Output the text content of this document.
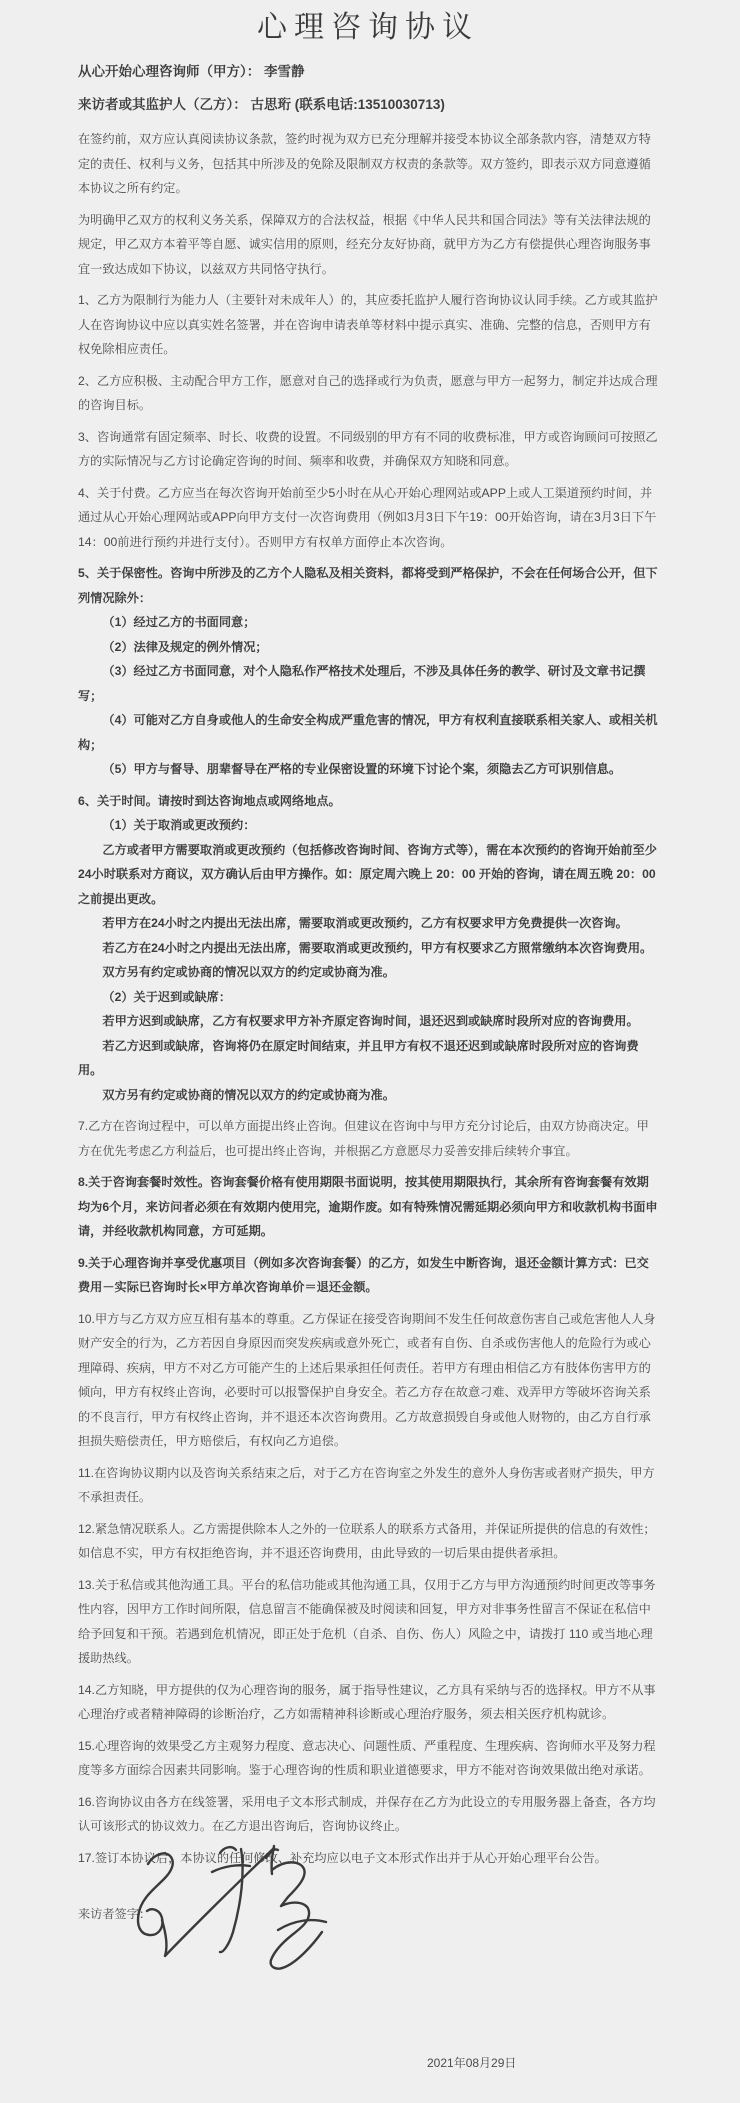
心理咨询协议
从心开始心理咨询师（甲方）： 李雪静
来访者或其监护人（乙方）： 古思珩 (联系电话:13510030713)
在签约前，双方应认真阅读协议条款，签约时视为双方已充分理解并接受本协议全部条款内容，清楚双方特定的责任、权利与义务，包括其中所涉及的免除及限制双方权责的条款等。双方签约，即表示双方同意遵循本协议之所有约定。
为明确甲乙双方的权利义务关系，保障双方的合法权益，根据《中华人民共和国合同法》等有关法律法规的规定，甲乙双方本着平等自愿、诚实信用的原则，经充分友好协商，就甲方为乙方有偿提供心理咨询服务事宜一致达成如下协议，以兹双方共同恪守执行。
1、乙方为限制行为能力人（主要针对未成年人）的，其应委托监护人履行咨询协议认同手续。乙方或其监护人在咨询协议中应以真实姓名签署，并在咨询申请表单等材料中提示真实、准确、完整的信息，否则甲方有权免除相应责任。
2、乙方应积极、主动配合甲方工作，愿意对自己的选择或行为负责，愿意与甲方一起努力，制定并达成合理的咨询目标。
3、咨询通常有固定频率、时长、收费的设置。不同级别的甲方有不同的收费标准，甲方或咨询顾问可按照乙方的实际情况与乙方讨论确定咨询的时间、频率和收费，并确保双方知晓和同意。
4、关于付费。乙方应当在每次咨询开始前至少5小时在从心开始心理网站或APP上或人工渠道预约时间，并通过从心开始心理网站或APP向甲方支付一次咨询费用（例如3月3日下午19：00开始咨询，请在3月3日下午14：00前进行预约并进行支付）。否则甲方有权单方面停止本次咨询。
5、关于保密性。咨询中所涉及的乙方个人隐私及相关资料，都将受到严格保护，不会在任何场合公开，但下列情况除外：
（1）经过乙方的书面同意；
（2）法律及规定的例外情况；
（3）经过乙方书面同意，对个人隐私作严格技术处理后，不涉及具体任务的教学、研讨及文章书记撰写；
（4）可能对乙方自身或他人的生命安全构成严重危害的情况，甲方有权利直接联系相关家人、或相关机构；
（5）甲方与督导、朋辈督导在严格的专业保密设置的环境下讨论个案，须隐去乙方可识别信息。
6、关于时间。请按时到达咨询地点或网络地点。
（1）关于取消或更改预约：
乙方或者甲方需要取消或更改预约（包括修改咨询时间、咨询方式等），需在本次预约的咨询开始前至少24小时联系对方商议，双方确认后由甲方操作。如：原定周六晚上 20：00 开始的咨询，请在周五晚 20：00 之前提出更改。
若甲方在24小时之内提出无法出席，需要取消或更改预约，乙方有权要求甲方免费提供一次咨询。
若乙方在24小时之内提出无法出席，需要取消或更改预约，甲方有权要求乙方照常缴纳本次咨询费用。
双方另有约定或协商的情况以双方的约定或协商为准。
（2）关于迟到或缺席：
若甲方迟到或缺席，乙方有权要求甲方补齐原定咨询时间，退还迟到或缺席时段所对应的咨询费用。
若乙方迟到或缺席，咨询将仍在原定时间结束，并且甲方有权不退还迟到或缺席时段所对应的咨询费用。
双方另有约定或协商的情况以双方的约定或协商为准。
7.乙方在咨询过程中，可以单方面提出终止咨询。但建议在咨询中与甲方充分讨论后，由双方协商决定。甲方在优先考虑乙方利益后，也可提出终止咨询，并根据乙方意愿尽力妥善安排后续转介事宜。
8.关于咨询套餐时效性。咨询套餐价格有使用期限书面说明，按其使用期限执行，其余所有咨询套餐有效期均为6个月，来访问者必须在有效期内使用完，逾期作废。如有特殊情况需延期必须向甲方和收款机构书面申请，并经收款机构同意，方可延期。
9.关于心理咨询并享受优惠项目（例如多次咨询套餐）的乙方，如发生中断咨询，退还金额计算方式：已交费用－实际已咨询时长×甲方单次咨询单价＝退还金额。
10.甲方与乙方双方应互相有基本的尊重。乙方保证在接受咨询期间不发生任何故意伤害自己或危害他人人身财产安全的行为，乙方若因自身原因而突发疾病或意外死亡，或者有自伤、自杀或伤害他人的危险行为或心理障碍、疾病，甲方不对乙方可能产生的上述后果承担任何责任。若甲方有理由相信乙方有肢体伤害甲方的倾向，甲方有权终止咨询，必要时可以报警保护自身安全。若乙方存在故意刁难、戏弄甲方等破坏咨询关系的不良言行，甲方有权终止咨询，并不退还本次咨询费用。乙方故意损毁自身或他人财物的，由乙方自行承担损失赔偿责任，甲方赔偿后，有权向乙方追偿。
11.在咨询协议期内以及咨询关系结束之后，对于乙方在咨询室之外发生的意外人身伤害或者财产损失，甲方不承担责任。
12.紧急情况联系人。乙方需提供除本人之外的一位联系人的联系方式备用，并保证所提供的信息的有效性；如信息不实，甲方有权拒绝咨询，并不退还咨询费用，由此导致的一切后果由提供者承担。
13.关于私信或其他沟通工具。平台的私信功能或其他沟通工具，仅用于乙方与甲方沟通预约时间更改等事务性内容，因甲方工作时间所限，信息留言不能确保被及时阅读和回复，甲方对非事务性留言不保证在私信中给予回复和干预。若遇到危机情况，即正处于危机（自杀、自伤、伤人）风险之中，请拨打 110 或当地心理援助热线。
14.乙方知晓，甲方提供的仅为心理咨询的服务，属于指导性建议，乙方具有采纳与否的选择权。甲方不从事心理治疗或者精神障碍的诊断治疗，乙方如需精神科诊断或心理治疗服务，须去相关医疗机构就诊。
15.心理咨询的效果受乙方主观努力程度、意志决心、问题性质、严重程度、生理疾病、咨询师水平及努力程度等多方面综合因素共同影响。鉴于心理咨询的性质和职业道德要求，甲方不能对咨询效果做出绝对承诺。
16.咨询协议由各方在线签署，采用电子文本形式制成，并保存在乙方为此设立的专用服务器上备查，各方均认可该形式的协议效力。在乙方退出咨询后，咨询协议终止。
17.签订本协议后，本协议的任何修改、补充均应以电子文本形式作出并于从心开始心理平台公告。
来访者签字：
2021年08月29日
